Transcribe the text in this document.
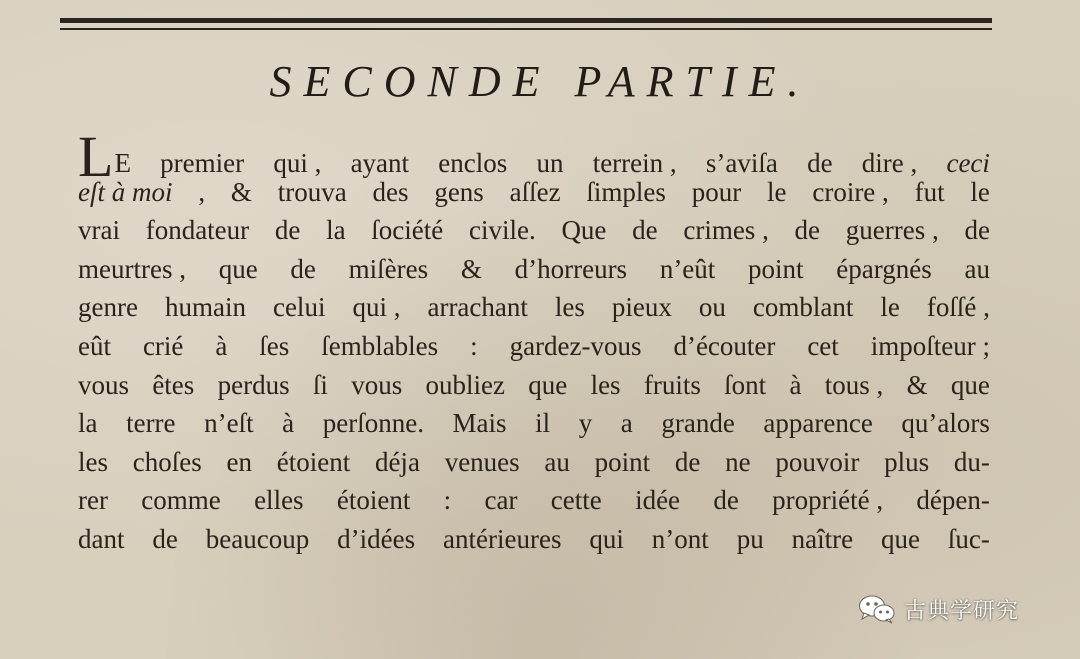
SECONDE PARTIE.
L E premier qui , ayant enclos un terrein , s’aviſa de dire , ceci
eſt à moi , & trouva des gens aſſez ſimples pour le croire , fut le
vrai fondateur de la ſociété civile. Que de crimes , de guerres , de
meurtres , que de miſères & d’horreurs n’eût point épargnés au
genre humain celui qui , arrachant les pieux ou comblant le foſſé ,
eût crié à ſes ſemblables : gardez-vous d’écouter cet impoſteur ;
vous êtes perdus ſi vous oubliez que les fruits ſont à tous , & que
la terre n’eſt à perſonne. Mais il y a grande apparence qu’alors
les choſes en étoient déja venues au point de ne pouvoir plus du-
rer comme elles étoient : car cette idée de propriété , dépen-
dant de beaucoup d’idées antérieures qui n’ont pu naître que ſuc-
古典学研究
